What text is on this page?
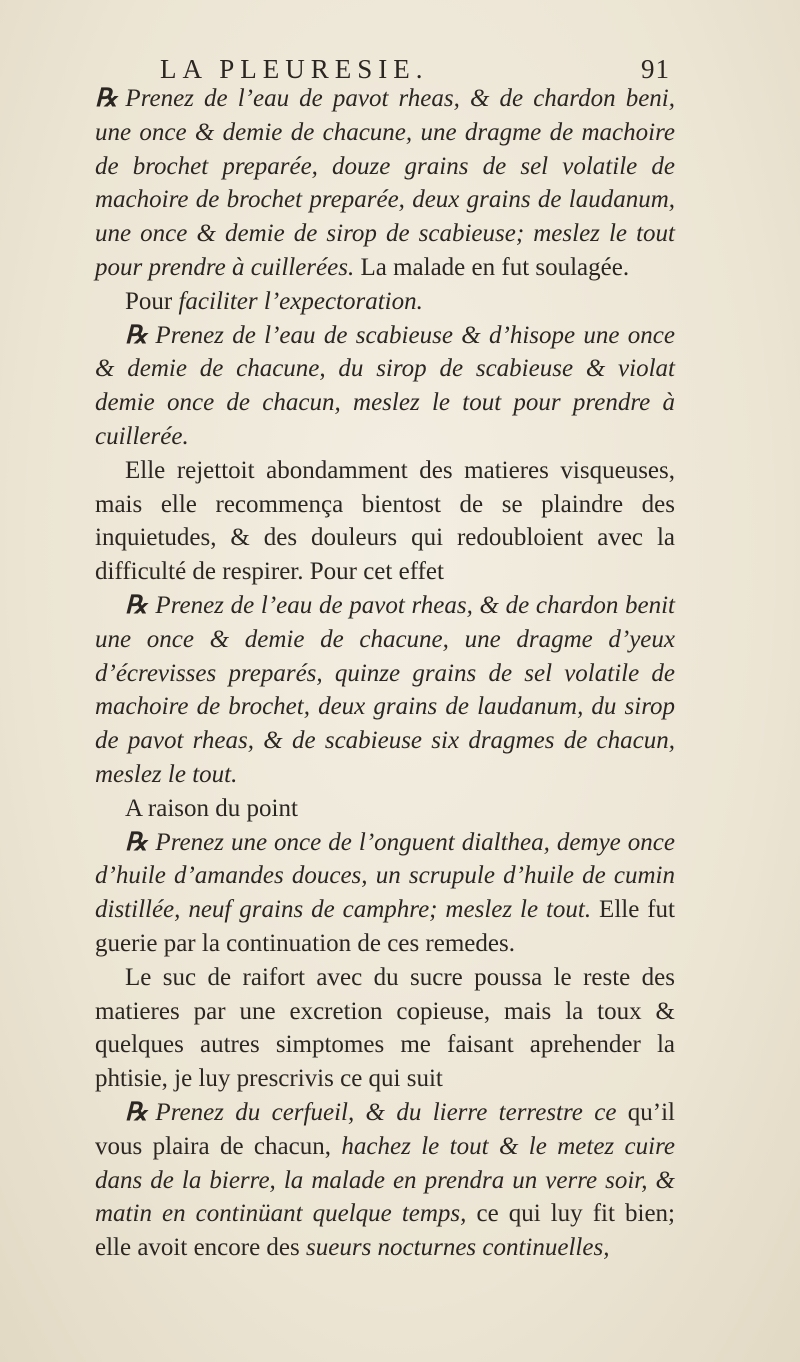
LA PLEURESIE.	91

℞ Prenez de l’eau de pavot rheas, & de chardon beni, une once & demie de chacune, une dragme de machoire de brochet preparée, douze grains de sel volatile de machoire de brochet preparée, deux grains de laudanum, une once & demie de sirop de scabieuse; meslez le tout pour prendre à cuillerées. La malade en fut soulagée.

Pour faciliter l’expectoration.

℞ Prenez de l’eau de scabieuse & d’hisope une once & demie de chacune, du sirop de scabieuse & violat demie once de chacun, meslez le tout pour prendre à cuillerée.

Elle rejettoit abondamment des matieres visqueuses, mais elle recommença bientost de se plaindre des inquietudes, & des douleurs qui redoubloient avec la difficulté de respirer. Pour cet effet

℞ Prenez de l’eau de pavot rheas, & de chardon benit une once & demie de chacune, une dragme d’yeux d’écrevisses preparés, quinze grains de sel volatile de machoire de brochet, deux grains de laudanum, du sirop de pavot rheas, & de scabieuse six dragmes de chacun, meslez le tout.

A raison du point

℞ Prenez une once de l’onguent dialthea, demye once d’huile d’amandes douces, un scrupule d’huile de cumin distillée, neuf grains de camphre; meslez le tout. Elle fut guerie par la continuation de ces remedes.

Le suc de raifort avec du sucre poussa le reste des matieres par une excretion copieuse, mais la toux & quelques autres simptomes me faisant aprehender la phtisie, je luy prescrivis ce qui suit

℞ Prenez du cerfueil, & du lierre terrestre ce qu’il vous plaira de chacun, hachez le tout & le metez cuire dans de la bierre, la malade en prendra un verre soir, & matin en continüant quelque temps, ce qui luy fit bien; elle avoit encore des sueurs nocturnes continuelles,
